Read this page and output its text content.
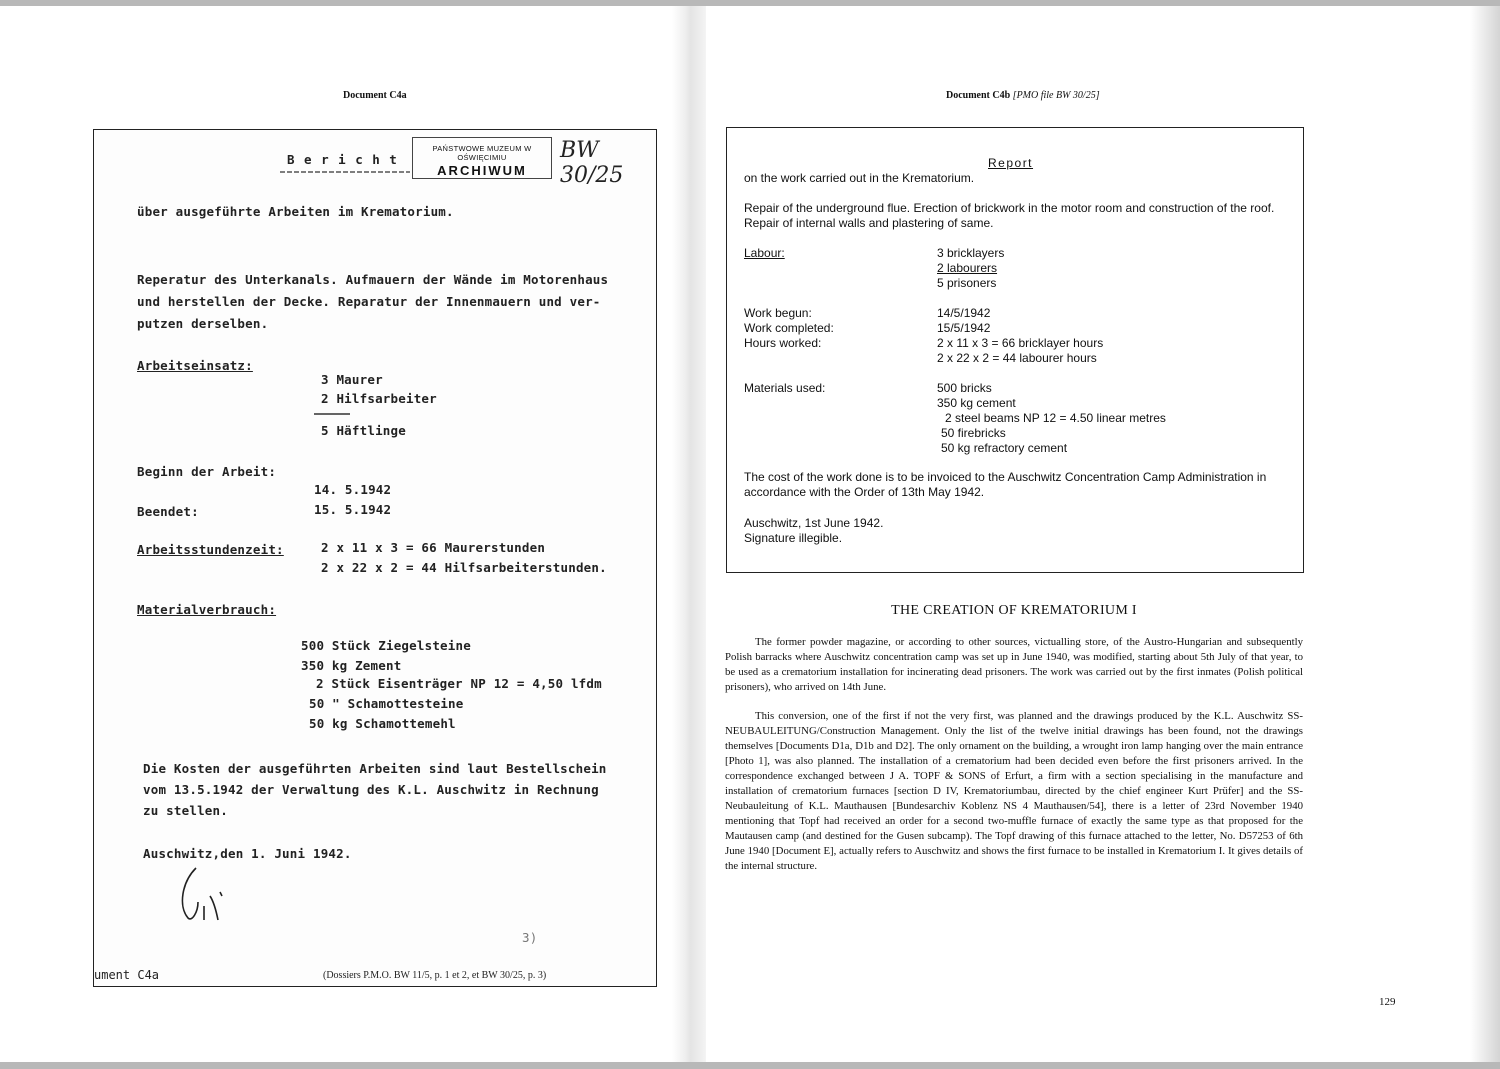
Document C4a	Document C4b [PMO file BW 30/25]
B e r i c h t
PAŃSTWOWE MUZEUM W OŚWIĘCIMIU
ARCHIWUM
BW 30/25
über ausgeführte Arbeiten im Krematorium.
Reperatur des Unterkanals. Aufmauern der Wände im Motorenhaus
und herstellen der Decke. Reparatur der Innenmauern und ver-
putzen derselben.
Arbeitseinsatz:
3 Maurer
2 Hilfsarbeiter
5 Häftlinge
Beginn der Arbeit:
14. 5.1942
Beendet:	15. 5.1942
Arbeitsstundenzeit:	2 x 11 x 3 = 66 Maurerstunden
2 x 22 x 2 = 44 Hilfsarbeiterstunden.
Materialverbrauch:
500 Stück Ziegelsteine
350 kg Zement
2 Stück Eisenträger NP 12 = 4,50 lfdm
50 " Schamottesteine
50 kg Schamottemehl
Die Kosten der ausgeführten Arbeiten sind laut Bestellschein
vom 13.5.1942 der Verwaltung des K.L. Auschwitz in Rechnung
zu stellen.
Auschwitz,den 1. Juni 1942.
3)
ument C4a	(Dossiers P.M.O. BW 11/5, p. 1 et 2, et BW 30/25, p. 3)
Report
on the work carried out in the Krematorium.
Repair of the underground flue. Erection of brickwork in the motor room and construction of the roof.
Repair of internal walls and plastering of same.
Labour:	3 bricklayers
2 labourers
5 prisoners
Work begun:	14/5/1942
Work completed:	15/5/1942
Hours worked:	2 x 11 x 3 = 66 bricklayer hours
2 x 22 x 2 = 44 labourer hours
Materials used:	500 bricks
350 kg cement
2 steel beams NP 12 = 4.50 linear metres
50 firebricks
50 kg refractory cement
The cost of the work done is to be invoiced to the Auschwitz Concentration Camp Administration in
accordance with the Order of 13th May 1942.
Auschwitz, 1st June 1942.
Signature illegible.
THE CREATION OF KREMATORIUM I

The former powder magazine, or according to other sources, victualling store, of the Austro-Hungarian and subsequently Polish barracks where Auschwitz concentration camp was set up in June 1940, was modified, starting about 5th July of that year, to be used as a crematorium installation for incinerating dead prisoners. The work was carried out by the first inmates (Polish political prisoners), who arrived on 14th June.

This conversion, one of the first if not the very first, was planned and the drawings produced by the K.L. Auschwitz SS-NEUBAULEITUNG/Construction Management. Only the list of the twelve initial drawings has been found, not the drawings themselves [Documents D1a, D1b and D2]. The only ornament on the building, a wrought iron lamp hanging over the main entrance [Photo 1], was also planned. The installation of a crematorium had been decided even before the first prisoners arrived. In the correspondence exchanged between J A. TOPF & SONS of Erfurt, a firm with a section specialising in the manufacture and installation of crematorium furnaces [section D IV, Krematoriumbau, directed by the chief engineer Kurt Prüfer] and the SS-Neubauleitung of K.L. Mauthausen [Bundesarchiv Koblenz NS 4 Mauthausen/54], there is a letter of 23rd November 1940 mentioning that Topf had received an order for a second two-muffle furnace of exactly the same type as that proposed for the Mautausen camp (and destined for the Gusen subcamp). The Topf drawing of this furnace attached to the letter, No. D57253 of 6th June 1940 [Document E], actually refers to Auschwitz and shows the first furnace to be installed in Krematorium I. It gives details of the internal structure.

129
